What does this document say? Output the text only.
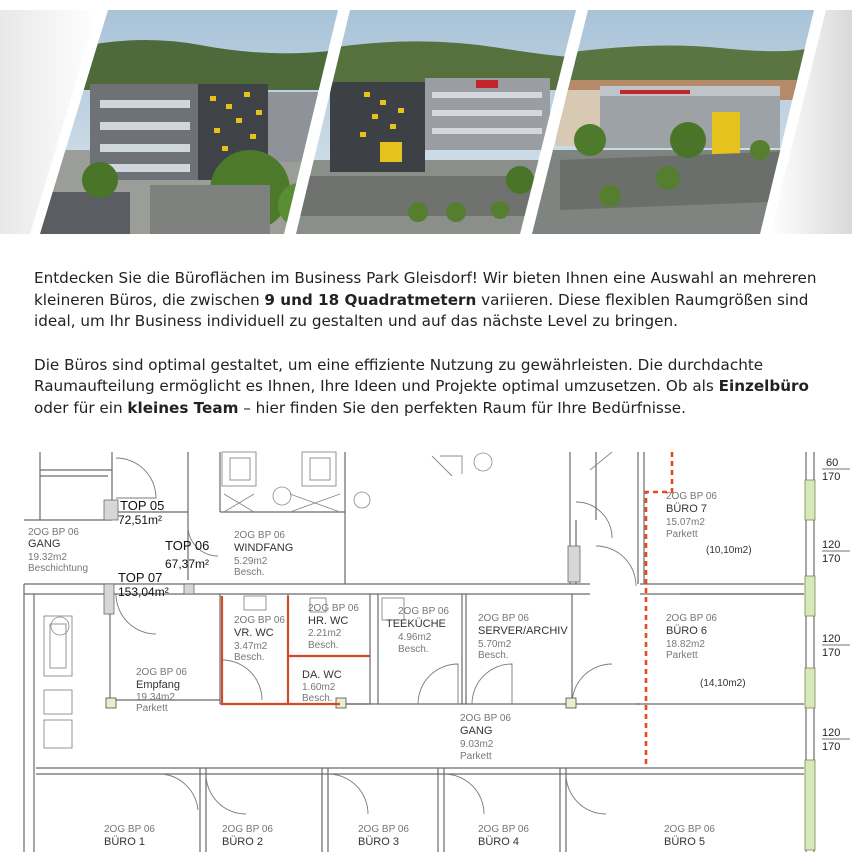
Entdecken Sie die Büroflächen im Business Park Gleisdorf! Wir bieten Ihnen eine Auswahl an mehreren kleineren Büros, die zwischen 9 und 18 Quadratmetern variieren. Diese flexiblen Raumgrößen sind ideal, um Ihr Business individuell zu gestalten und auf das nächste Level zu bringen.

Die Büros sind optimal gestaltet, um eine effiziente Nutzung zu gewährleisten. Die durchdachte Raumaufteilung ermöglicht es Ihnen, Ihre Ideen und Projekte optimal umzusetzen. Ob als Einzelbüro oder für ein kleines Team – hier finden Sie den perfekten Raum für Ihre Bedürfnisse.

TOP 05
72,51m²
TOP 06
67,37m²
TOP 07
153,04m²
2OG BP 06
GANG
19.32m2
Beschichtung
2OG BP 06
WINDFANG
5.29m2
Besch.
2OG BP 06
BÜRO 7
15.07m2
Parkett
(10,10m2)
2OG BP 06
BÜRO 6
18.82m2
Parkett
(14,10m2)
2OG BP 06
VR. WC
3.47m2
Besch.
2OG BP 06
HR. WC
2.21m2
Besch.
DA. WC
1.60m2
Besch.
2OG BP 06
TEEKÜCHE
4.96m2
Besch.
2OG BP 06
SERVER/ARCHIV
5.70m2
Besch.
2OG BP 06
Empfang
19.34m2
Parkett
2OG BP 06
GANG
9.03m2
Parkett
2OG BP 06
BÜRO 1
2OG BP 06
BÜRO 2
2OG BP 06
BÜRO 3
2OG BP 06
BÜRO 4
2OG BP 06
BÜRO 5
60
170
120
170
120
170
120
170
